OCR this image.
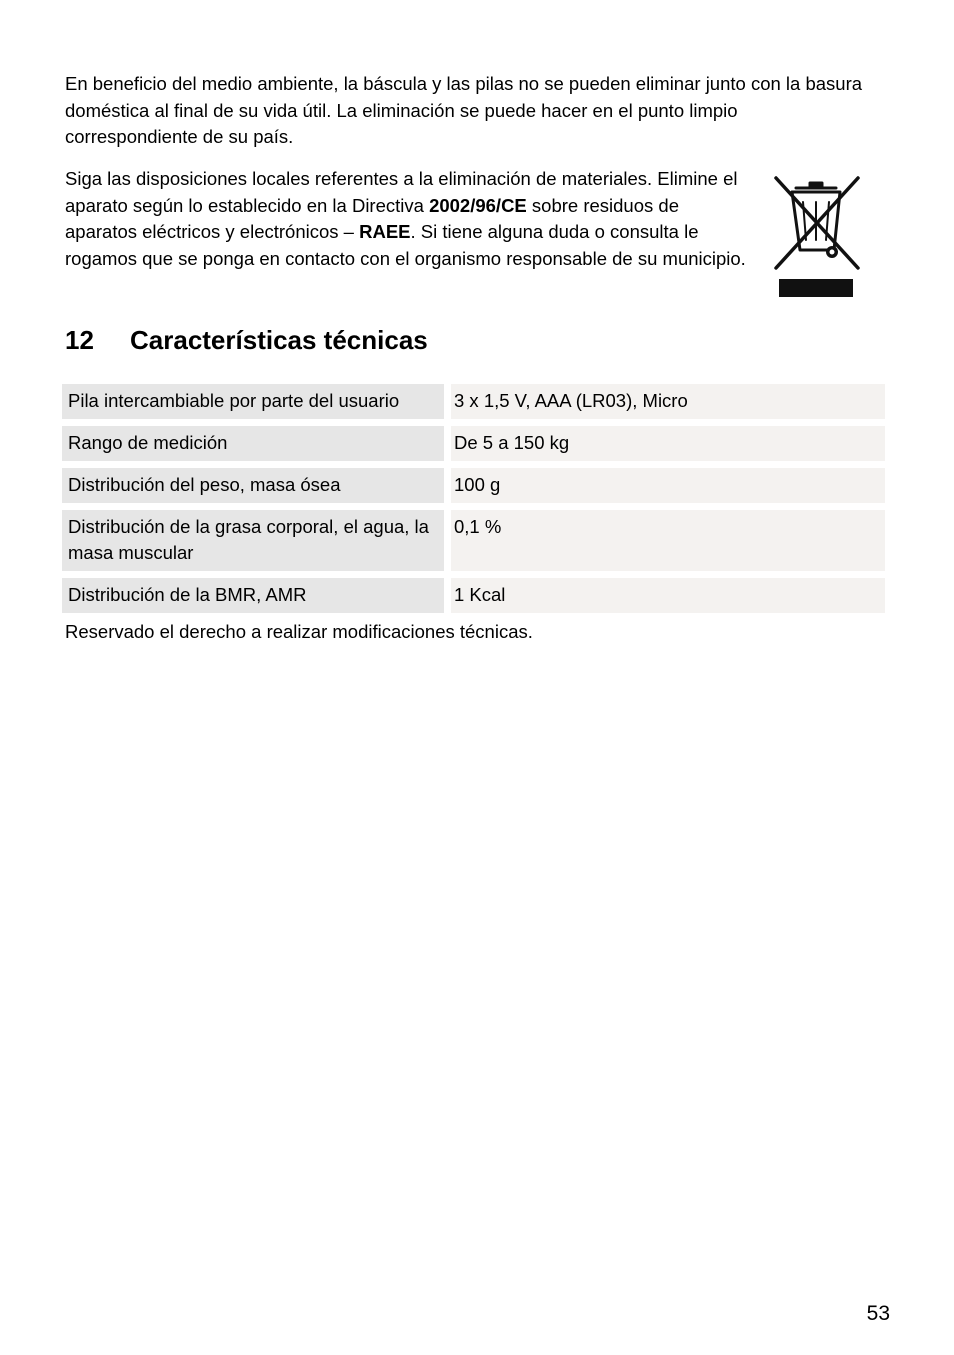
En beneficio del medio ambiente, la báscula y las pilas no se pueden eliminar junto con la basura doméstica al final de su vida útil. La eliminación se puede hacer en el punto limpio correspondiente de su país.

Siga las disposiciones locales referentes a la eliminación de materiales. Elimine el aparato según lo establecido en la Directiva 2002/96/CE sobre residuos de aparatos eléctricos y electrónicos – RAEE. Si tiene alguna duda o consulta le rogamos que se ponga en contacto con el organismo responsable de su municipio.

12 Características técnicas
Pila intercambiable por parte del usuario	3 x 1,5 V, AAA (LR03), Micro
Rango de medición	De 5 a 150 kg
Distribución del peso, masa ósea	100 g
Distribución de la grasa corporal, el agua, la masa muscular	0,1 %
Distribución de la BMR, AMR	1 Kcal

Reservado el derecho a realizar modificaciones técnicas.

53
